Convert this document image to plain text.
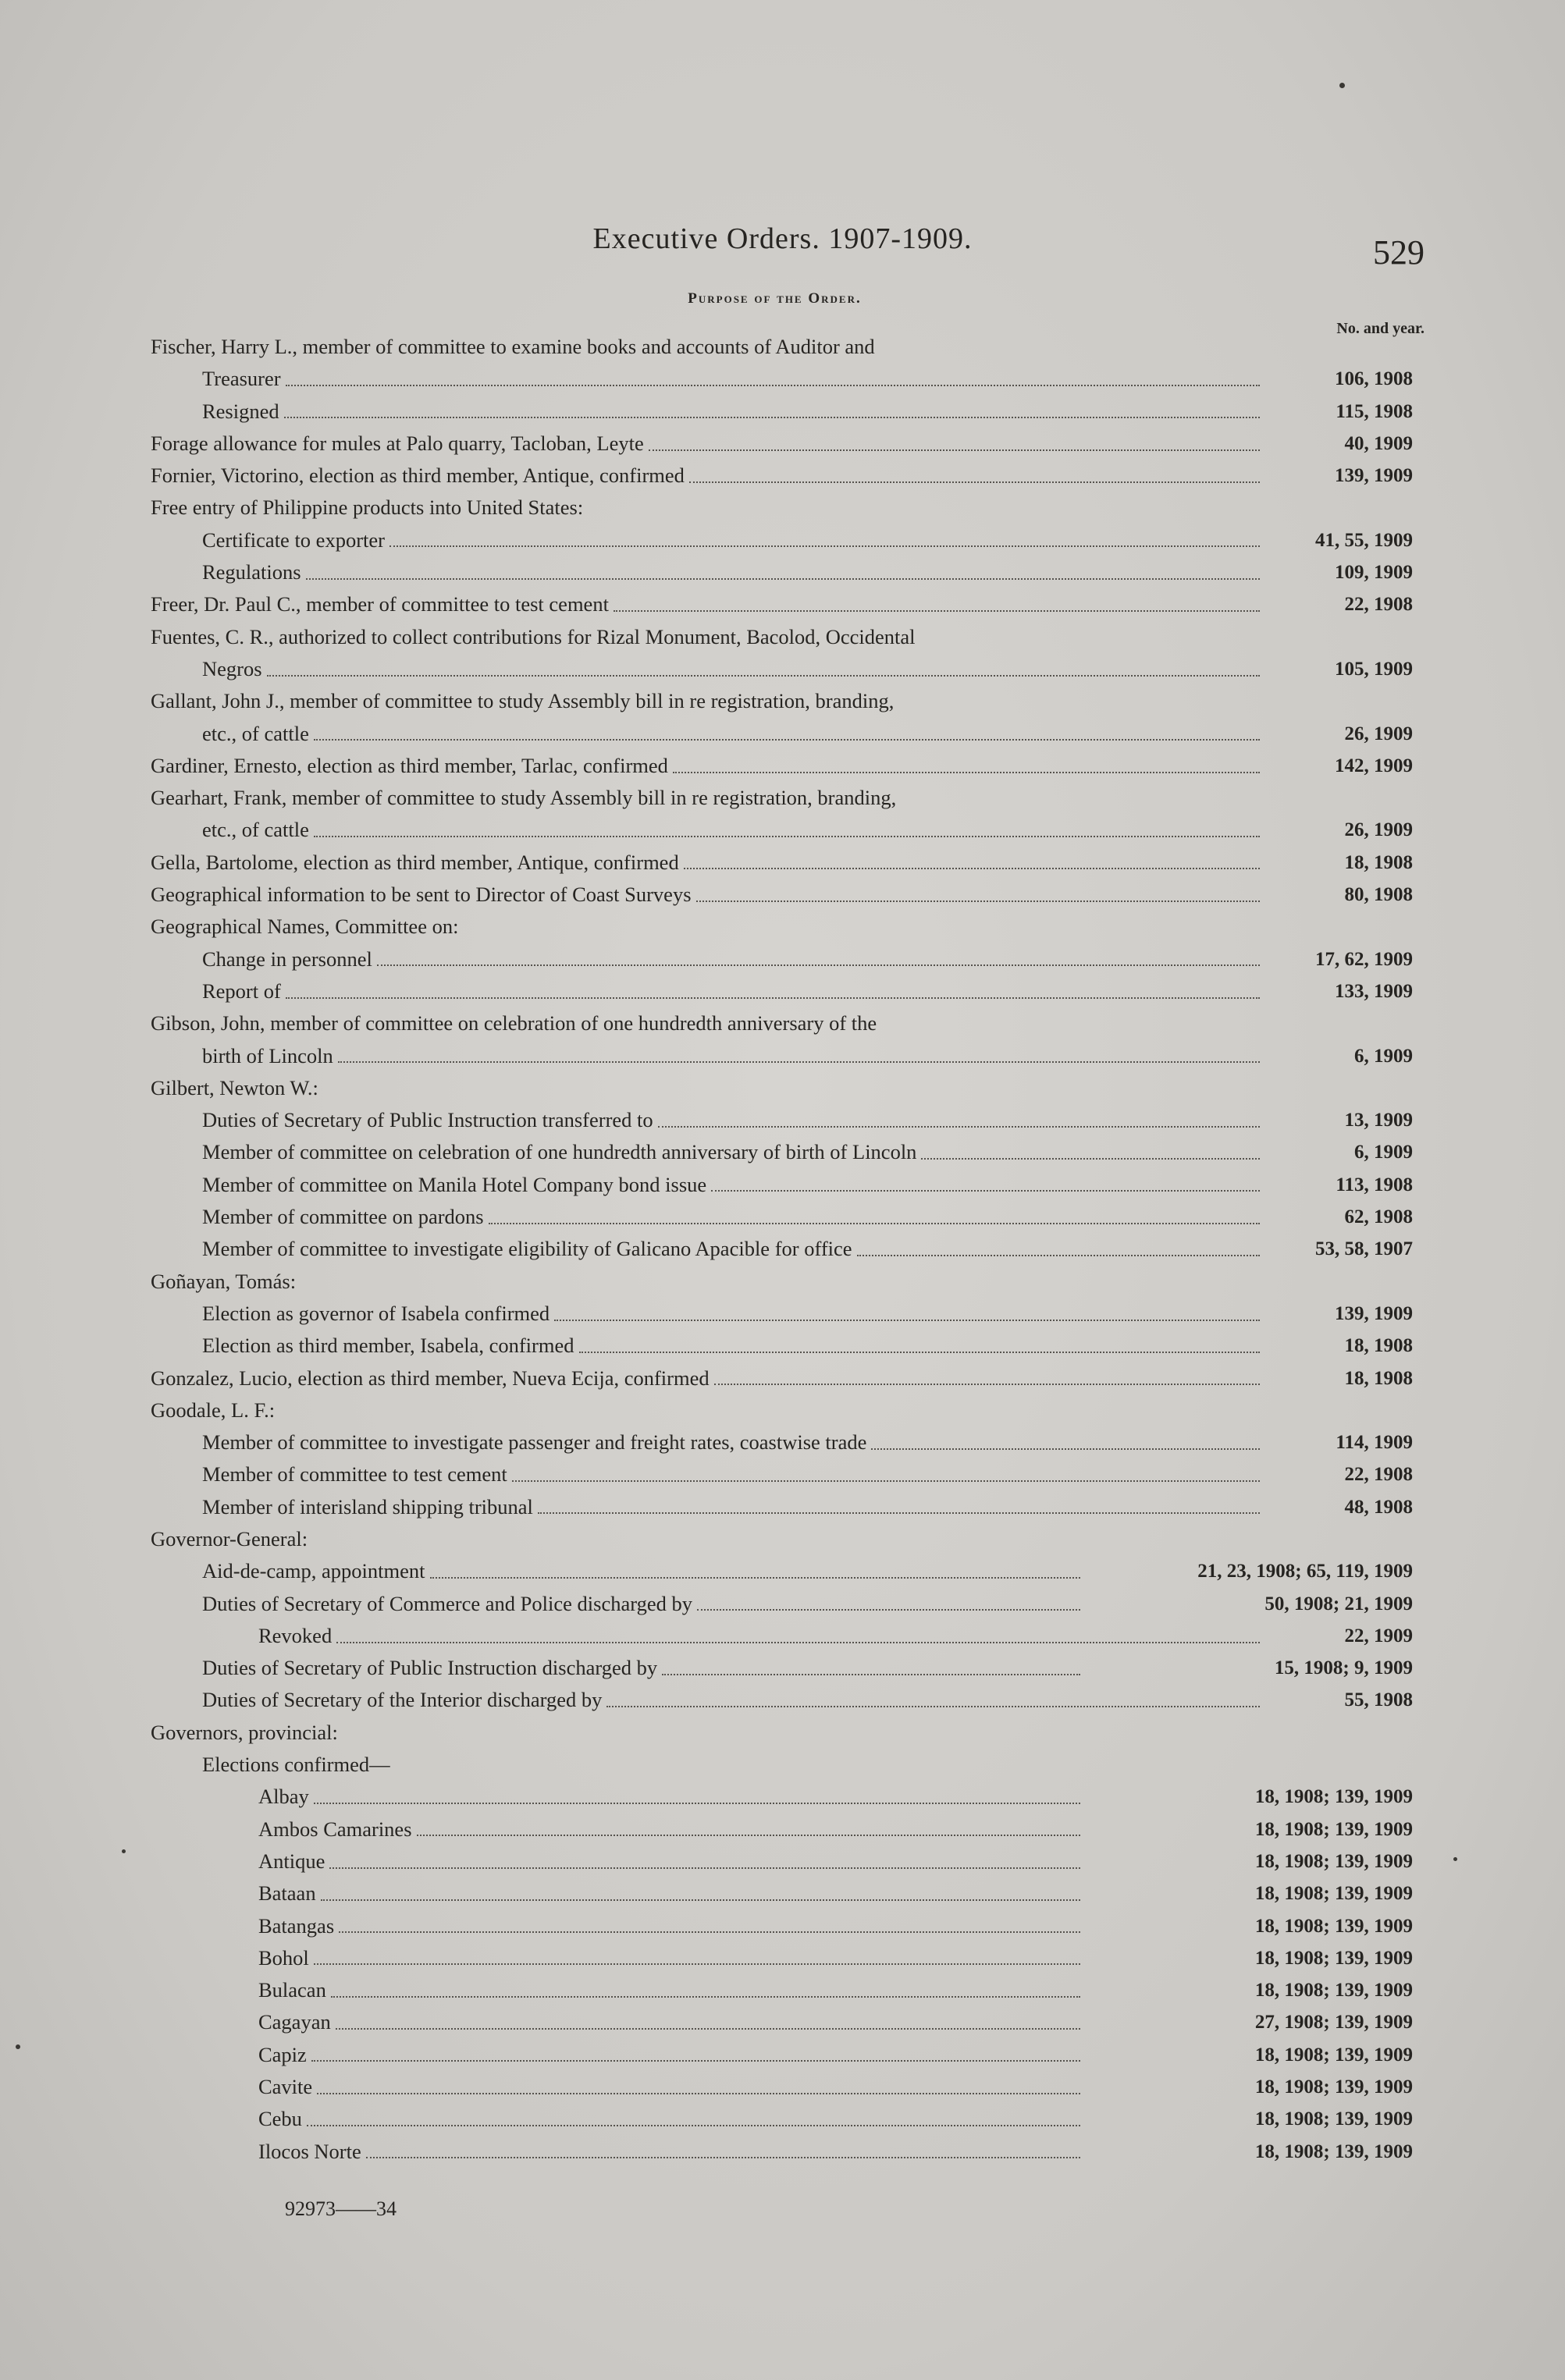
Executive Orders. 1907-1909.	529
Purpose of the Order.
No. and year.
Fischer, Harry L., member of committee to examine books and accounts of Auditor and
106, 1908
Treasurer
115, 1908
Resigned
40, 1909
Forage allowance for mules at Palo quarry, Tacloban, Leyte
139, 1909
Fornier, Victorino, election as third member, Antique, confirmed
Free entry of Philippine products into United States:
41, 55, 1909
Certificate to exporter
109, 1909
Regulations
22, 1908
Freer, Dr. Paul C., member of committee to test cement
Fuentes, C. R., authorized to collect contributions for Rizal Monument, Bacolod, Occidental
105, 1909
Negros
Gallant, John J., member of committee to study Assembly bill in re registration, branding,
26, 1909
etc., of cattle
142, 1909
Gardiner, Ernesto, election as third member, Tarlac, confirmed
Gearhart, Frank, member of committee to study Assembly bill in re registration, branding,
26, 1909
etc., of cattle
18, 1908
Gella, Bartolome, election as third member, Antique, confirmed
80, 1908
Geographical information to be sent to Director of Coast Surveys
Geographical Names, Committee on:
17, 62, 1909
Change in personnel
133, 1909
Report of
Gibson, John, member of committee on celebration of one hundredth anniversary of the
6, 1909
birth of Lincoln
Gilbert, Newton W.:
13, 1909
Duties of Secretary of Public Instruction transferred to
6, 1909
Member of committee on celebration of one hundredth anniversary of birth of Lincoln
113, 1908
Member of committee on Manila Hotel Company bond issue
62, 1908
Member of committee on pardons
53, 58, 1907
Member of committee to investigate eligibility of Galicano Apacible for office
Goñayan, Tomás:
139, 1909
Election as governor of Isabela confirmed
18, 1908
Election as third member, Isabela, confirmed
18, 1908
Gonzalez, Lucio, election as third member, Nueva Ecija, confirmed
Goodale, L. F.:
114, 1909
Member of committee to investigate passenger and freight rates, coastwise trade
22, 1908
Member of committee to test cement
48, 1908
Member of interisland shipping tribunal
Governor-General:
21, 23, 1908; 65, 119, 1909
Aid-de-camp, appointment
50, 1908; 21, 1909
Duties of Secretary of Commerce and Police discharged by
22, 1909
Revoked
15, 1908; 9, 1909
Duties of Secretary of Public Instruction discharged by
55, 1908
Duties of Secretary of the Interior discharged by
Governors, provincial:
Elections confirmed—
18, 1908; 139, 1909
Albay
18, 1908; 139, 1909
Ambos Camarines
18, 1908; 139, 1909
Antique
18, 1908; 139, 1909
Bataan
18, 1908; 139, 1909
Batangas
18, 1908; 139, 1909
Bohol
18, 1908; 139, 1909
Bulacan
27, 1908; 139, 1909
Cagayan
18, 1908; 139, 1909
Capiz
18, 1908; 139, 1909
Cavite
18, 1908; 139, 1909
Cebu
18, 1908; 139, 1909
Ilocos Norte
92973——34
